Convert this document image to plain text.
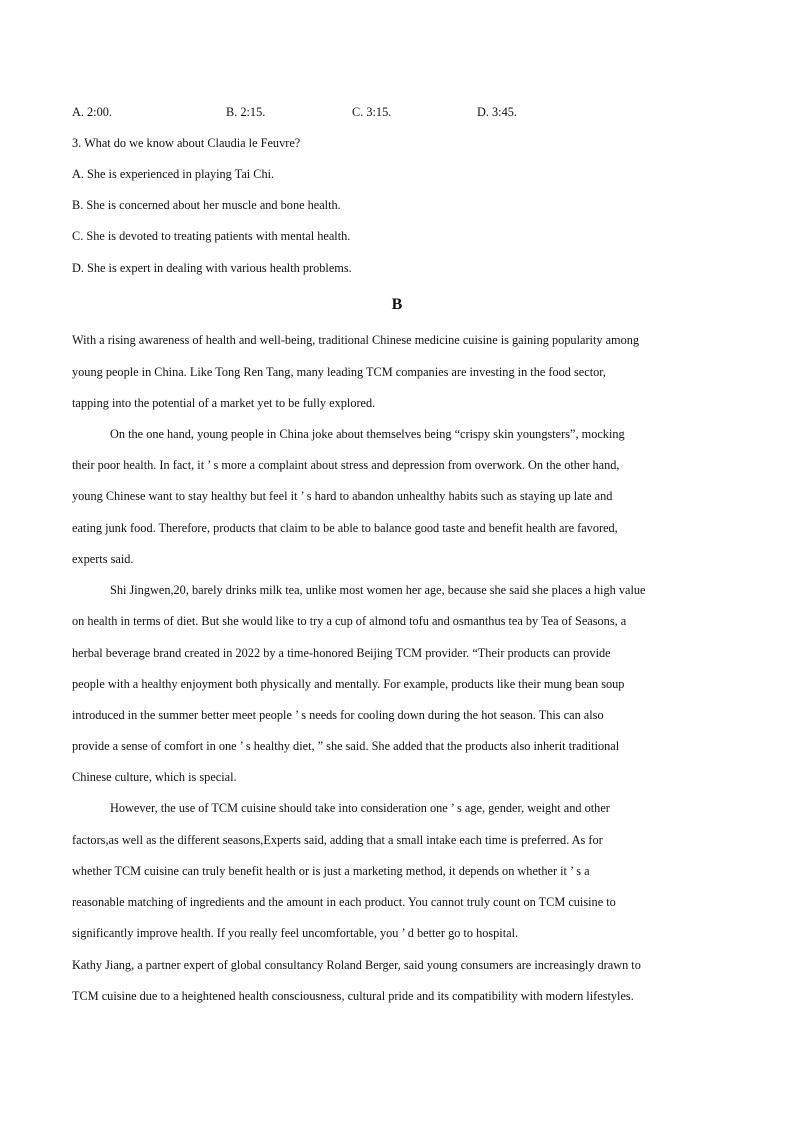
A. 2:00.	B. 2:15.	C. 3:15.	D. 3:45.
3. What do we know about Claudia le Feuvre?
A. She is experienced in playing Tai Chi.
B. She is concerned about her muscle and bone health.
C. She is devoted to treating patients with mental health.
D. She is expert in dealing with various health problems.
B
With a rising awareness of health and well-being, traditional Chinese medicine cuisine is gaining popularity among
young people in China. Like Tong Ren Tang, many leading TCM companies are investing in the food sector,
tapping into the potential of a market yet to be fully explored.
On the one hand, young people in China joke about themselves being “crispy skin youngsters”, mocking
their poor health. In fact, it ’ s more a complaint about stress and depression from overwork. On the other hand,
young Chinese want to stay healthy but feel it ’ s hard to abandon unhealthy habits such as staying up late and
eating junk food. Therefore, products that claim to be able to balance good taste and benefit health are favored,
experts said.
Shi Jingwen,20, barely drinks milk tea, unlike most women her age, because she said she places a high value
on health in terms of diet. But she would like to try a cup of almond tofu and osmanthus tea by Tea of Seasons, a
herbal beverage brand created in 2022 by a time-honored Beijing TCM provider. “Their products can provide
people with a healthy enjoyment both physically and mentally. For example, products like their mung bean soup
introduced in the summer better meet people ’ s needs for cooling down during the hot season. This can also
provide a sense of comfort in one ’ s healthy diet, ” she said. She added that the products also inherit traditional
Chinese culture, which is special.
However, the use of TCM cuisine should take into consideration one ’ s age, gender, weight and other
factors,as well as the different seasons,Experts said, adding that a small intake each time is preferred. As for
whether TCM cuisine can truly benefit health or is just a marketing method, it depends on whether it ’ s a
reasonable matching of ingredients and the amount in each product. You cannot truly count on TCM cuisine to
significantly improve health. If you really feel uncomfortable, you ’ d better go to hospital.
Kathy Jiang, a partner expert of global consultancy Roland Berger, said young consumers are increasingly drawn to
TCM cuisine due to a heightened health consciousness, cultural pride and its compatibility with modern lifestyles.
